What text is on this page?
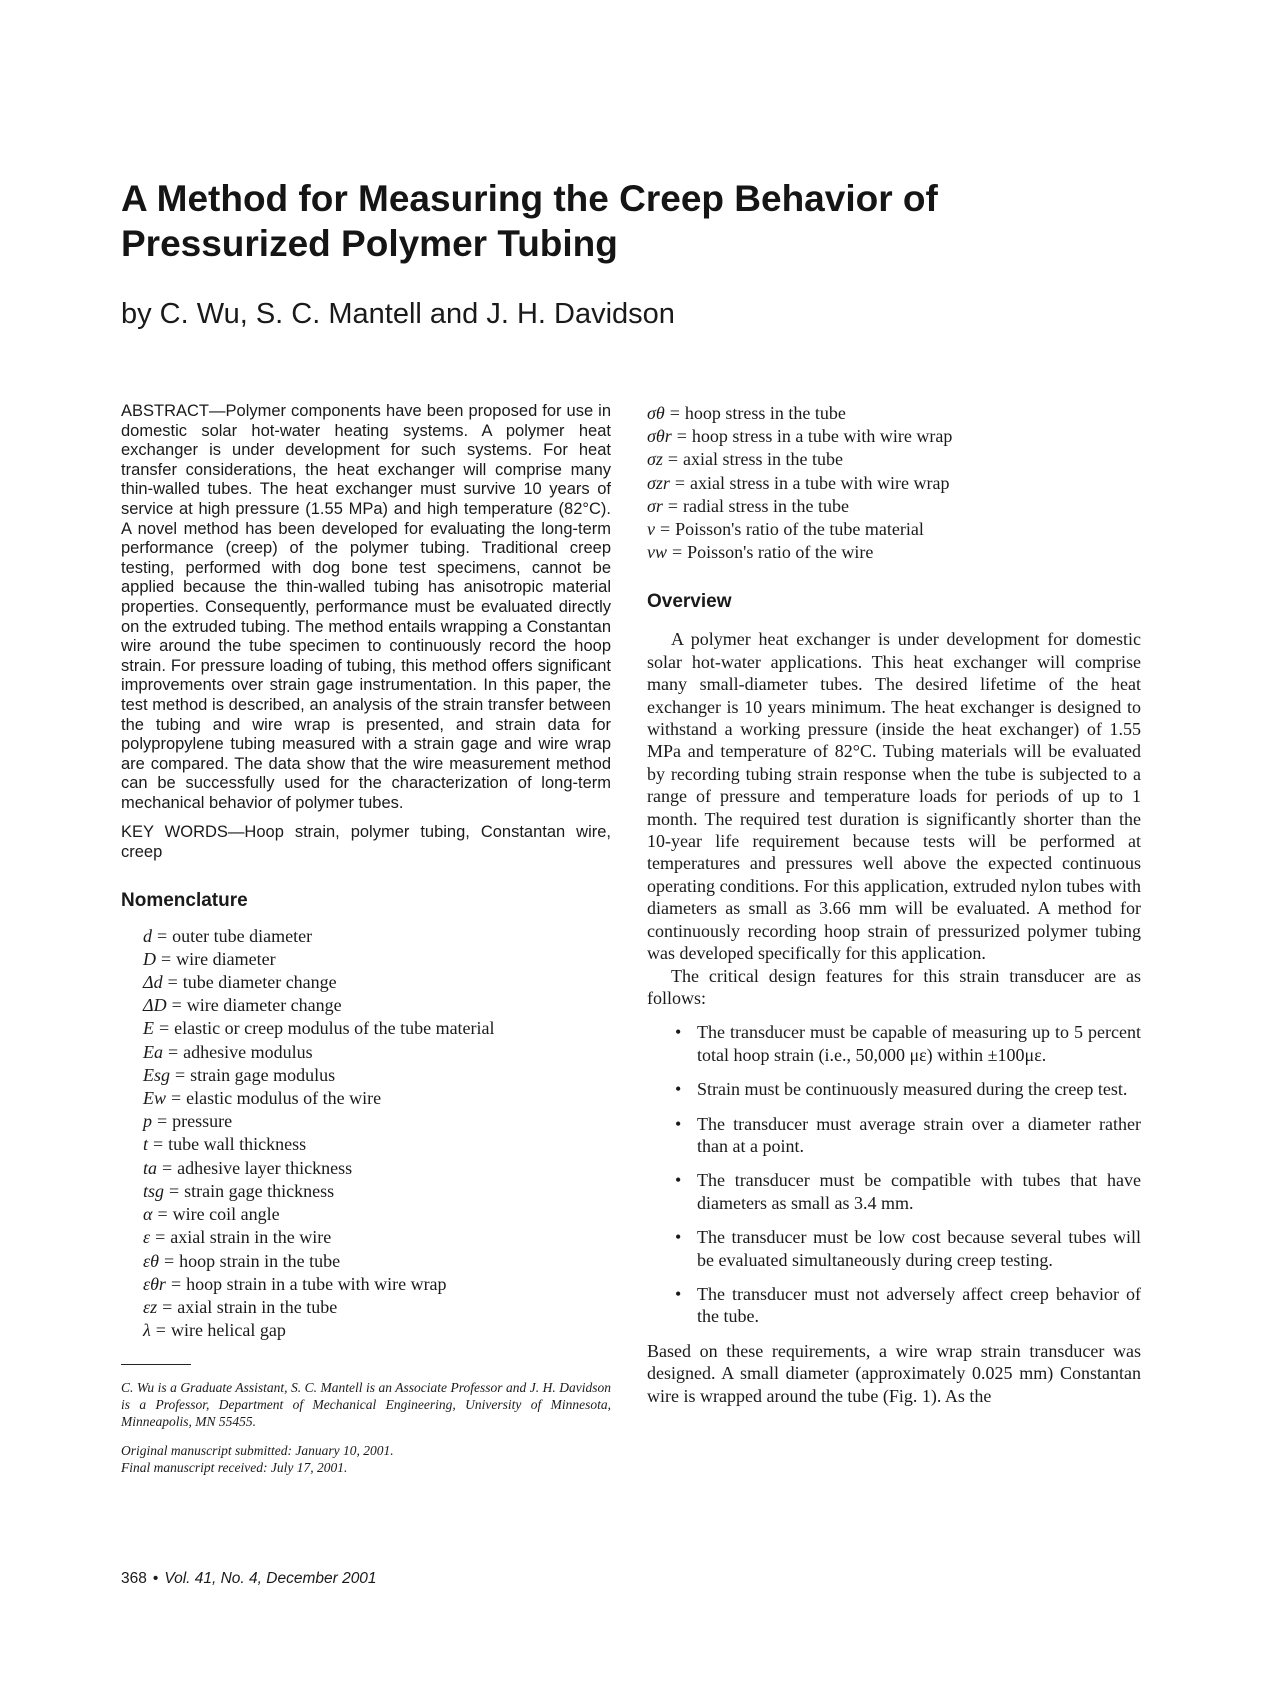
A Method for Measuring the Creep Behavior of Pressurized Polymer Tubing

by C. Wu, S. C. Mantell and J. H. Davidson

ABSTRACT—Polymer components have been proposed for use in domestic solar hot-water heating systems. A polymer heat exchanger is under development for such systems. For heat transfer considerations, the heat exchanger will comprise many thin-walled tubes. The heat exchanger must survive 10 years of service at high pressure (1.55 MPa) and high temperature (82°C). A novel method has been developed for evaluating the long-term performance (creep) of the polymer tubing. Traditional creep testing, performed with dog bone test specimens, cannot be applied because the thin-walled tubing has anisotropic material properties. Consequently, performance must be evaluated directly on the extruded tubing. The method entails wrapping a Constantan wire around the tube specimen to continuously record the hoop strain. For pressure loading of tubing, this method offers significant improvements over strain gage instrumentation. In this paper, the test method is described, an analysis of the strain transfer between the tubing and wire wrap is presented, and strain data for polypropylene tubing measured with a strain gage and wire wrap are compared. The data show that the wire measurement method can be successfully used for the characterization of long-term mechanical behavior of polymer tubes.

KEY WORDS—Hoop strain, polymer tubing, Constantan wire, creep

Nomenclature
d = outer tube diameter
D = wire diameter
Δd = tube diameter change
ΔD = wire diameter change
E = elastic or creep modulus of the tube material
Ea = adhesive modulus
Esg = strain gage modulus
Ew = elastic modulus of the wire
p = pressure
t = tube wall thickness
ta = adhesive layer thickness
tsg = strain gage thickness
α = wire coil angle
ε = axial strain in the wire
εθ = hoop strain in the tube
εθr = hoop strain in a tube with wire wrap
εz = axial strain in the tube
λ = wire helical gap

C. Wu is a Graduate Assistant, S. C. Mantell is an Associate Professor and J. H. Davidson is a Professor, Department of Mechanical Engineering, University of Minnesota, Minneapolis, MN 55455.

Original manuscript submitted: January 10, 2001.
Final manuscript received: July 17, 2001.

368 • Vol. 41, No. 4, December 2001
σθ = hoop stress in the tube
σθr = hoop stress in a tube with wire wrap
σz = axial stress in the tube
σzr = axial stress in a tube with wire wrap
σr = radial stress in the tube
ν = Poisson's ratio of the tube material
νw = Poisson's ratio of the wire
Overview

A polymer heat exchanger is under development for domestic solar hot-water applications. This heat exchanger will comprise many small-diameter tubes. The desired lifetime of the heat exchanger is 10 years minimum. The heat exchanger is designed to withstand a working pressure (inside the heat exchanger) of 1.55 MPa and temperature of 82°C. Tubing materials will be evaluated by recording tubing strain response when the tube is subjected to a range of pressure and temperature loads for periods of up to 1 month. The required test duration is significantly shorter than the 10-year life requirement because tests will be performed at temperatures and pressures well above the expected continuous operating conditions. For this application, extruded nylon tubes with diameters as small as 3.66 mm will be evaluated. A method for continuously recording hoop strain of pressurized polymer tubing was developed specifically for this application.

The critical design features for this strain transducer are as follows:

• The transducer must be capable of measuring up to 5 percent total hoop strain (i.e., 50,000 με) within ±100με.
• Strain must be continuously measured during the creep test.
• The transducer must average strain over a diameter rather than at a point.
• The transducer must be compatible with tubes that have diameters as small as 3.4 mm.
• The transducer must be low cost because several tubes will be evaluated simultaneously during creep testing.
• The transducer must not adversely affect creep behavior of the tube.

Based on these requirements, a wire wrap strain transducer was designed. A small diameter (approximately 0.025 mm) Constantan wire is wrapped around the tube (Fig. 1). As the
